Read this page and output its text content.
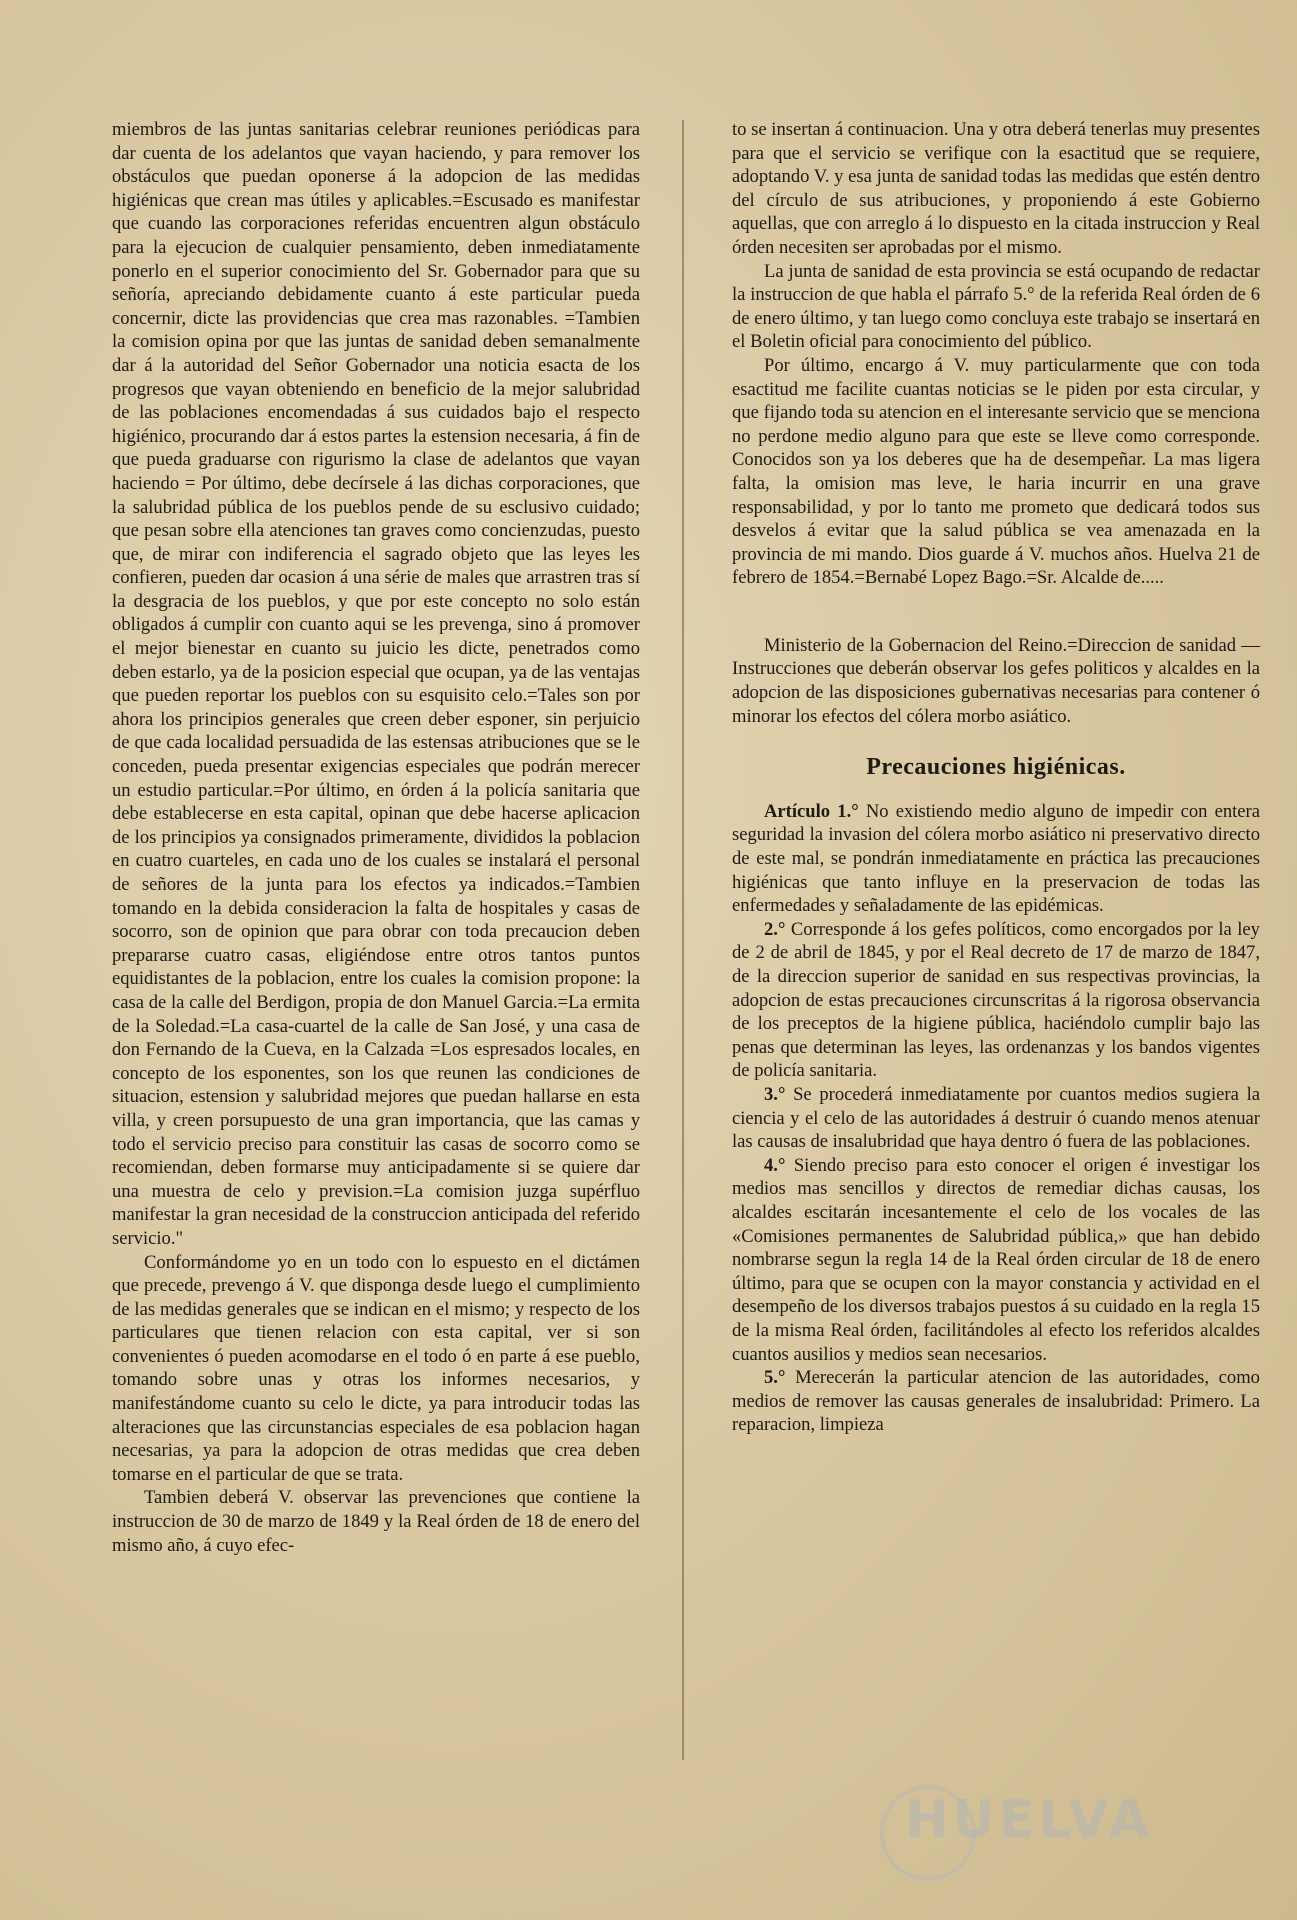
miembros de las juntas sanitarias celebrar reuniones periódicas para dar cuenta de los adelantos que vayan haciendo, y para remover los obstáculos que puedan oponerse á la adopcion de las medidas higiénicas que crean mas útiles y aplicables.=Escusado es manifestar que cuando las corporaciones referidas encuentren algun obstáculo para la ejecucion de cualquier pensamiento, deben inmediatamente ponerlo en el superior conocimiento del Sr. Gobernador para que su señoría, apreciando debidamente cuanto á este particular pueda concernir, dicte las providencias que crea mas razonables. =Tambien la comision opina por que las juntas de sanidad deben semanalmente dar á la autoridad del Señor Gobernador una noticia esacta de los progresos que vayan obteniendo en beneficio de la mejor salubridad de las poblaciones encomendadas á sus cuidados bajo el respecto higiénico, procurando dar á estos partes la estension necesaria, á fin de que pueda graduarse con rigurismo la clase de adelantos que vayan haciendo = Por último, debe decírsele á las dichas corporaciones, que la salubridad pública de los pueblos pende de su esclusivo cuidado; que pesan sobre ella atenciones tan graves como concienzudas, puesto que, de mirar con indiferencia el sagrado objeto que las leyes les confieren, pueden dar ocasion á una série de males que arrastren tras sí la desgracia de los pueblos, y que por este concepto no solo están obligados á cumplir con cuanto aqui se les prevenga, sino á promover el mejor bienestar en cuanto su juicio les dicte, penetrados como deben estarlo, ya de la posicion especial que ocupan, ya de las ventajas que pueden reportar los pueblos con su esquisito celo.=Tales son por ahora los principios generales que creen deber esponer, sin perjuicio de que cada localidad persuadida de las estensas atribuciones que se le conceden, pueda presentar exigencias especiales que podrán merecer un estudio particular.=Por último, en órden á la policía sanitaria que debe establecerse en esta capital, opinan que debe hacerse aplicacion de los principios ya consignados primeramente, divididos la poblacion en cuatro cuarteles, en cada uno de los cuales se instalará el personal de señores de la junta para los efectos ya indicados.=Tambien tomando en la debida consideracion la falta de hospitales y casas de socorro, son de opinion que para obrar con toda precaucion deben prepararse cuatro casas, eligiéndose entre otros tantos puntos equidistantes de la poblacion, entre los cuales la comision propone: la casa de la calle del Berdigon, propia de don Manuel Garcia.=La ermita de la Soledad.=La casa-cuartel de la calle de San José, y una casa de don Fernando de la Cueva, en la Calzada =Los espresados locales, en concepto de los esponentes, son los que reunen las condiciones de situacion, estension y salubridad mejores que puedan hallarse en esta villa, y creen porsupuesto de una gran importancia, que las camas y todo el servicio preciso para constituir las casas de socorro como se recomiendan, deben formarse muy anticipadamente si se quiere dar una muestra de celo y prevision.=La comision juzga supérfluo manifestar la gran necesidad de la construccion anticipada del referido servicio."

Conformándome yo en un todo con lo espuesto en el dictámen que precede, prevengo á V. que disponga desde luego el cumplimiento de las medidas generales que se indican en el mismo; y respecto de los particulares que tienen relacion con esta capital, ver si son convenientes ó pueden acomodarse en el todo ó en parte á ese pueblo, tomando sobre unas y otras los informes necesarios, y manifestándome cuanto su celo le dicte, ya para introducir todas las alteraciones que las circunstancias especiales de esa poblacion hagan necesarias, ya para la adopcion de otras medidas que crea deben tomarse en el particular de que se trata.

Tambien deberá V. observar las prevenciones que contiene la instruccion de 30 de marzo de 1849 y la Real órden de 18 de enero del mismo año, á cuyo efec-

to se insertan á continuacion. Una y otra deberá tenerlas muy presentes para que el servicio se verifique con la esactitud que se requiere, adoptando V. y esa junta de sanidad todas las medidas que estén dentro del círculo de sus atribuciones, y proponiendo á este Gobierno aquellas, que con arreglo á lo dispuesto en la citada instruccion y Real órden necesiten ser aprobadas por el mismo.

La junta de sanidad de esta provincia se está ocupando de redactar la instruccion de que habla el párrafo 5.° de la referida Real órden de 6 de enero último, y tan luego como concluya este trabajo se insertará en el Boletin oficial para conocimiento del público.

Por último, encargo á V. muy particularmente que con toda esactitud me facilite cuantas noticias se le piden por esta circular, y que fijando toda su atencion en el interesante servicio que se menciona no perdone medio alguno para que este se lleve como corresponde. Conocidos son ya los deberes que ha de desempeñar. La mas ligera falta, la omision mas leve, le haria incurrir en una grave responsabilidad, y por lo tanto me prometo que dedicará todos sus desvelos á evitar que la salud pública se vea amenazada en la provincia de mi mando. Dios guarde á V. muchos años. Huelva 21 de febrero de 1854.=Bernabé Lopez Bago.=Sr. Alcalde de.....

Ministerio de la Gobernacion del Reino.=Direccion de sanidad —Instrucciones que deberán observar los gefes politicos y alcaldes en la adopcion de las disposiciones gubernativas necesarias para contener ó minorar los efectos del cólera morbo asiático.

Precauciones higiénicas.

Artículo 1.° No existiendo medio alguno de impedir con entera seguridad la invasion del cólera morbo asiático ni preservativo directo de este mal, se pondrán inmediatamente en práctica las precauciones higiénicas que tanto influye en la preservacion de todas las enfermedades y señaladamente de las epidémicas.

2.° Corresponde á los gefes políticos, como encorgados por la ley de 2 de abril de 1845, y por el Real decreto de 17 de marzo de 1847, de la direccion superior de sanidad en sus respectivas provincias, la adopcion de estas precauciones circunscritas á la rigorosa observancia de los preceptos de la higiene pública, haciéndolo cumplir bajo las penas que determinan las leyes, las ordenanzas y los bandos vigentes de policía sanitaria.

3.° Se procederá inmediatamente por cuantos medios sugiera la ciencia y el celo de las autoridades á destruir ó cuando menos atenuar las causas de insalubridad que haya dentro ó fuera de las poblaciones.

4.° Siendo preciso para esto conocer el origen é investigar los medios mas sencillos y directos de remediar dichas causas, los alcaldes escitarán incesantemente el celo de los vocales de las «Comisiones permanentes de Salubridad pública,» que han debido nombrarse segun la regla 14 de la Real órden circular de 18 de enero último, para que se ocupen con la mayor constancia y actividad en el desempeño de los diversos trabajos puestos á su cuidado en la regla 15 de la misma Real órden, facilitándoles al efecto los referidos alcaldes cuantos ausilios y medios sean necesarios.

5.° Merecerán la particular atencion de las autoridades, como medios de remover las causas generales de insalubridad: Primero. La reparacion, limpieza

HUELVA
